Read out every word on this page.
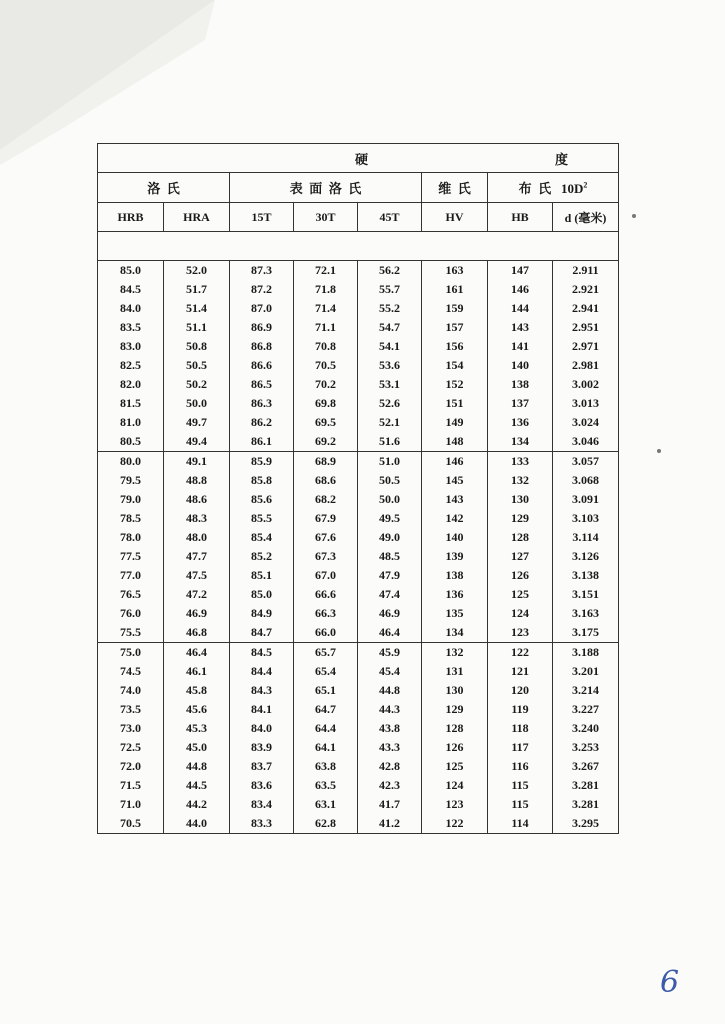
硬 度							
洛  氏		表  面  洛  氏			维  氏	布  氏 $10D^2$
HRB	HRA	15T	30T	45T	HV	HB	d (毫米)

85.0	52.0	87.3	72.1	56.2	163	147	2.911
84.5	51.7	87.2	71.8	55.7	161	146	2.921
84.0	51.4	87.0	71.4	55.2	159	144	2.941
83.5	51.1	86.9	71.1	54.7	157	143	2.951
83.0	50.8	86.8	70.8	54.1	156	141	2.971
82.5	50.5	86.6	70.5	53.6	154	140	2.981
82.0	50.2	86.5	70.2	53.1	152	138	3.002
81.5	50.0	86.3	69.8	52.6	151	137	3.013
81.0	49.7	86.2	69.5	52.1	149	136	3.024
80.5	49.4	86.1	69.2	51.6	148	134	3.046
80.0	49.1	85.9	68.9	51.0	146	133	3.057
79.5	48.8	85.8	68.6	50.5	145	132	3.068
79.0	48.6	85.6	68.2	50.0	143	130	3.091
78.5	48.3	85.5	67.9	49.5	142	129	3.103
78.0	48.0	85.4	67.6	49.0	140	128	3.114
77.5	47.7	85.2	67.3	48.5	139	127	3.126
77.0	47.5	85.1	67.0	47.9	138	126	3.138
76.5	47.2	85.0	66.6	47.4	136	125	3.151
76.0	46.9	84.9	66.3	46.9	135	124	3.163
75.5	46.8	84.7	66.0	46.4	134	123	3.175
75.0	46.4	84.5	65.7	45.9	132	122	3.188
74.5	46.1	84.4	65.4	45.4	131	121	3.201
74.0	45.8	84.3	65.1	44.8	130	120	3.214
73.5	45.6	84.1	64.7	44.3	129	119	3.227
73.0	45.3	84.0	64.4	43.8	128	118	3.240
72.5	45.0	83.9	64.1	43.3	126	117	3.253
72.0	44.8	83.7	63.8	42.8	125	116	3.267
71.5	44.5	83.6	63.5	42.3	124	115	3.281
71.0	44.2	83.4	63.1	41.7	123	115	3.281
70.5	44.0	83.3	62.8	41.2	122	114	3.295
6
